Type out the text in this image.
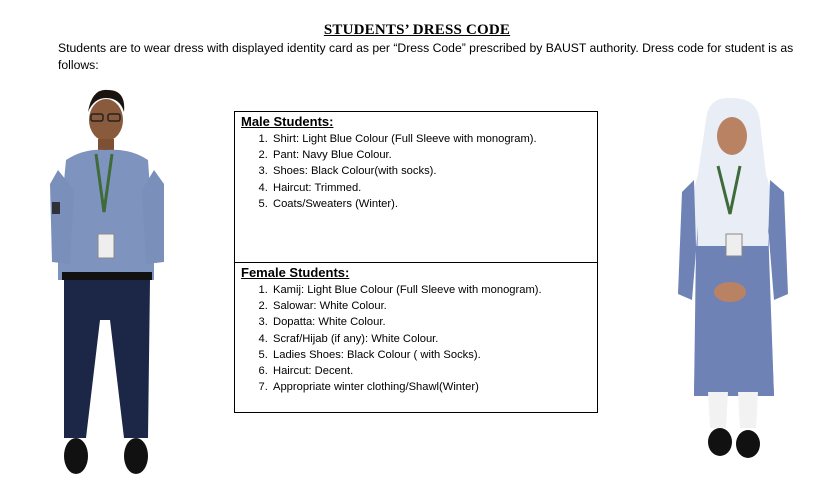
STUDENTS’ DRESS CODE
Students are to wear dress with displayed identity card as per “Dress Code” prescribed by BAUST authority. Dress code for student is as follows:
Male Students:
1. Shirt: Light Blue Colour (Full Sleeve with monogram).
2. Pant: Navy Blue Colour.
3. Shoes: Black Colour(with socks).
4. Haircut: Trimmed.
5. Coats/Sweaters (Winter).
Female Students:
1. Kamij: Light Blue Colour (Full Sleeve with monogram).
2. Salowar: White Colour.
3. Dopatta: White Colour.
4. Scraf/Hijab (if any): White Colour.
5. Ladies Shoes: Black Colour ( with Socks).
6. Haircut: Decent.
7. Appropriate winter clothing/Shawl(Winter)
